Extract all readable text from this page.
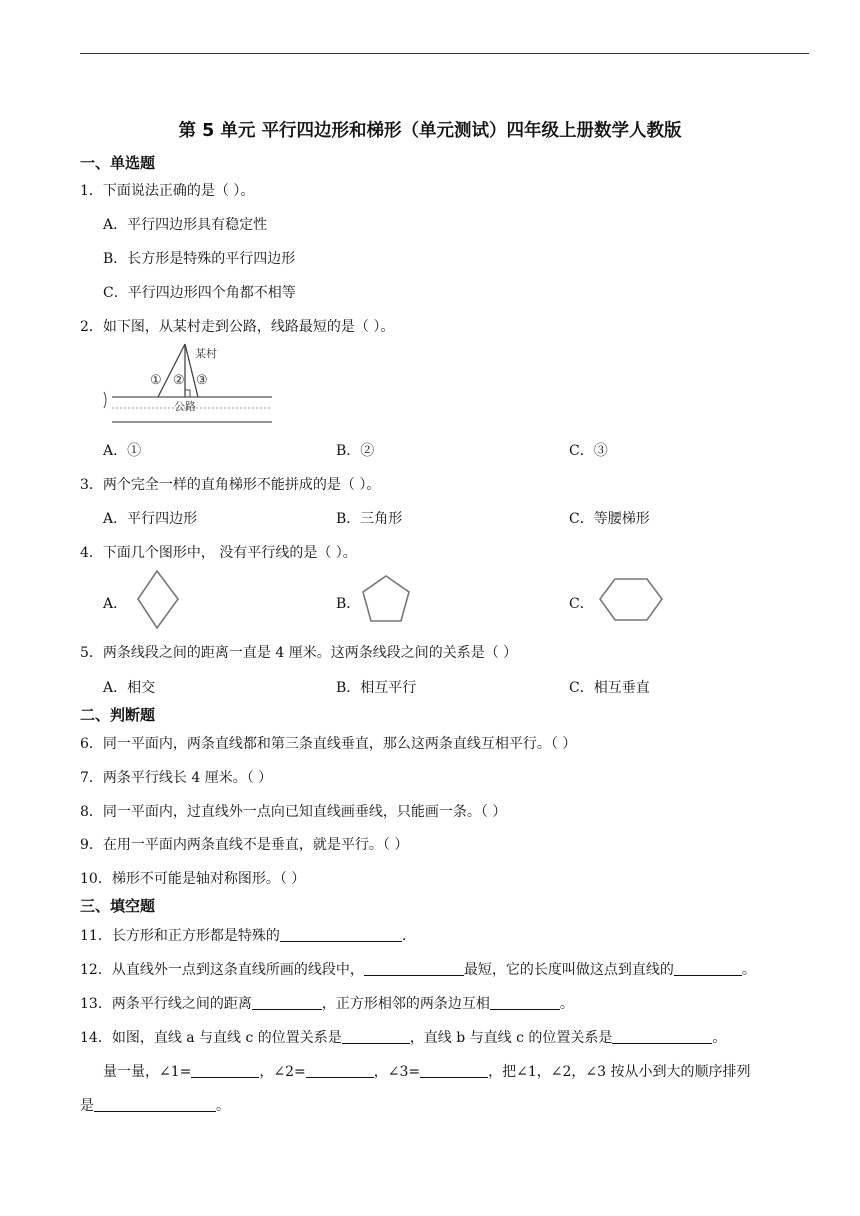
第 5 单元 平行四边形和梯形（单元测试）四年级上册数学人教版
一、单选题
1．下面说法正确的是（ ）。
A．平行四边形具有稳定性
B．长方形是特殊的平行四边形
C．平行四边形四个角都不相等
2．如下图，从某村走到公路，线路最短的是（ ）。
某村
① ② ③
公路
A．①	B．②	C．③
3．两个完全一样的直角梯形不能拼成的是（ ）。
A．平行四边形	B．三角形	C．等腰梯形
4．下面几个图形中， 没有平行线的是（ ）。
A．	B．	C．
5．两条线段之间的距离一直是 4 厘米。这两条线段之间的关系是（ ）
A．相交	B．相互平行	C．相互垂直
二、判断题
6．同一平面内，两条直线都和第三条直线垂直，那么这两条直线互相平行。（ ）
7．两条平行线长 4 厘米。（ ）
8．同一平面内，过直线外一点向已知直线画垂线，只能画一条。（ ）
9．在用一平面内两条直线不是垂直，就是平行。（ ）
10．梯形不可能是轴对称图形。（ ）
三、填空题
11．长方形和正方形都是特殊的	.
12．从直线外一点到这条直线所画的线段中，	最短，它的长度叫做这点到直线的	。
13．两条平行线之间的距离	，正方形相邻的两条边互相	。
14．如图，直线 a 与直线 c 的位置关系是	，直线 b 与直线 c 的位置关系是	。
量一量，∠1=	，∠2=	，∠3=	，把∠1，∠2，∠3 按从小到大的顺序排列
是	。
